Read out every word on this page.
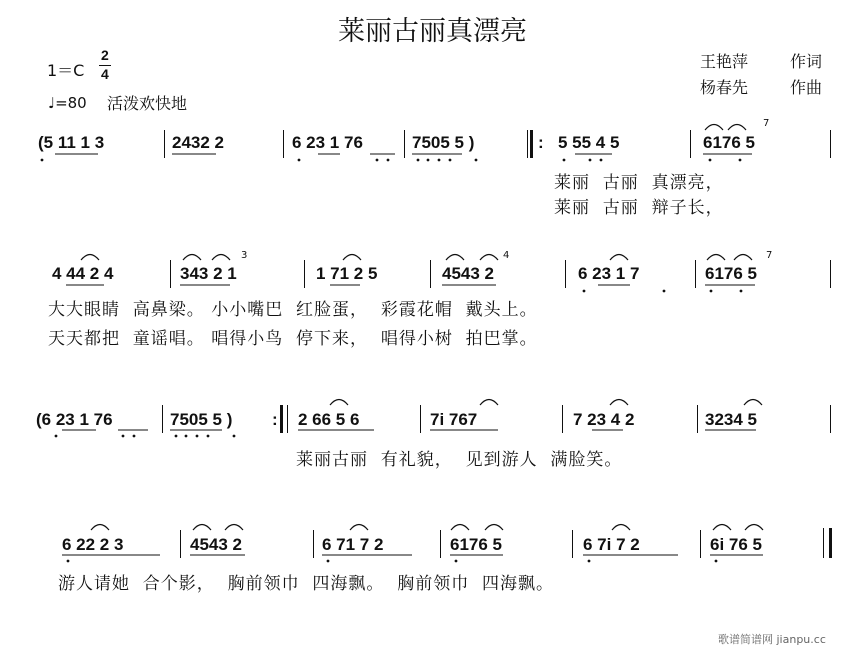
莱丽古丽真漂亮
1＝C
2
4
♩=80 活泼欢快地
王艳萍	作词
杨春先	作曲
(5 11 1 3	2432 2	6 23 1 76	7505 5 )	5 55 4 5	6176 5
7
:
莱丽  古丽  真漂亮，
莱丽  古丽  辩子长，
4 44 2 4	343 2 1
3
1 71 2 5	4543 2
4
6 23 1 7	6176 5
7
大大眼睛  高鼻梁。 小小嘴巴  红脸蛋，  彩霞花帽  戴头上。
天天都把  童谣唱。 唱得小鸟  停下来，  唱得小树  拍巴掌。
(6 23 1 76	7505 5 ) : 2 66 5 6	7i 767	7 23 4 2	3234 5
莱丽古丽  有礼貌，  见到游人  满脸笑。
6 22 2 3	4543 2	6 71 7 2	6176 5	6 7i 7 2	6i 76 5
游人请她  合个影，  胸前领巾  四海飘。  胸前领巾  四海飘。
歌谱简谱网 jianpu.cc
